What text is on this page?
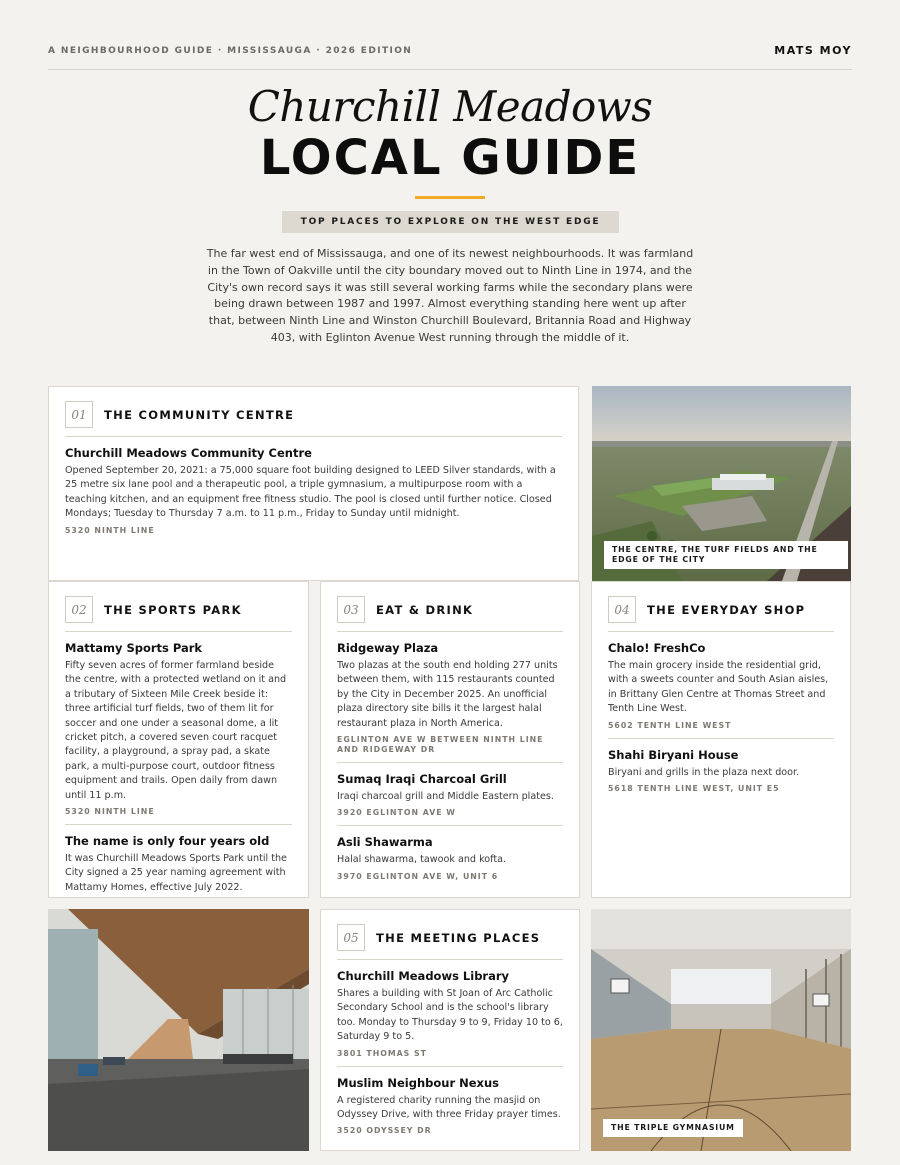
A NEIGHBOURHOOD GUIDE · MISSISSAUGA · 2026 EDITION	MATS MOY
Churchill Meadows
LOCAL GUIDE
TOP PLACES TO EXPLORE ON THE WEST EDGE

The far west end of Mississauga, and one of its newest neighbourhoods. It was farmland in the Town of Oakville until the city boundary moved out to Ninth Line in 1974, and the City's own record says it was still several working farms while the secondary plans were being drawn between 1987 and 1997. Almost everything standing here went up after that, between Ninth Line and Winston Churchill Boulevard, Britannia Road and Highway 403, with Eglinton Avenue West running through the middle of it.

01	THE COMMUNITY CENTRE
Churchill Meadows Community Centre

Opened September 20, 2021: a 75,000 square foot building designed to LEED Silver standards, with a 25 metre six lane pool and a therapeutic pool, a triple gymnasium, a multipurpose room with a teaching kitchen, and an equipment free fitness studio. The pool is closed until further notice. Closed Mondays; Tuesday to Thursday 7 a.m. to 11 p.m., Friday to Sunday until midnight.

5320 NINTH LINE
THE CENTRE, THE TURF FIELDS AND THE EDGE OF THE CITY
02	THE SPORTS PARK
Mattamy Sports Park

Fifty seven acres of former farmland beside the centre, with a protected wetland on it and a tributary of Sixteen Mile Creek beside it: three artificial turf fields, two of them lit for soccer and one under a seasonal dome, a lit cricket pitch, a covered seven court racquet facility, a playground, a spray pad, a skate park, a multi-purpose court, outdoor fitness equipment and trails. Open daily from dawn until 11 p.m.

5320 NINTH LINE
The name is only four years old

It was Churchill Meadows Sports Park until the City signed a 25 year naming agreement with Mattamy Homes, effective July 2022.

03	EAT & DRINK
Ridgeway Plaza

Two plazas at the south end holding 277 units between them, with 115 restaurants counted by the City in December 2025. An unofficial plaza directory site bills it the largest halal restaurant plaza in North America.

EGLINTON AVE W BETWEEN NINTH LINE AND RIDGEWAY DR
Sumaq Iraqi Charcoal Grill

Iraqi charcoal grill and Middle Eastern plates.

3920 EGLINTON AVE W
Asli Shawarma

Halal shawarma, tawook and kofta.

3970 EGLINTON AVE W, UNIT 6
04	THE EVERYDAY SHOP
Chalo! FreshCo

The main grocery inside the residential grid, with a sweets counter and South Asian aisles, in Brittany Glen Centre at Thomas Street and Tenth Line West.

5602 TENTH LINE WEST
Shahi Biryani House

Biryani and grills in the plaza next door.

5618 TENTH LINE WEST, UNIT E5
05	THE MEETING PLACES
Churchill Meadows Library

Shares a building with St Joan of Arc Catholic Secondary School and is the school's library too. Monday to Thursday 9 to 9, Friday 10 to 6, Saturday 9 to 5.

3801 THOMAS ST
Muslim Neighbour Nexus

A registered charity running the masjid on Odyssey Drive, with three Friday prayer times.

3520 ODYSSEY DR	THE TRIPLE GYMNASIUM
